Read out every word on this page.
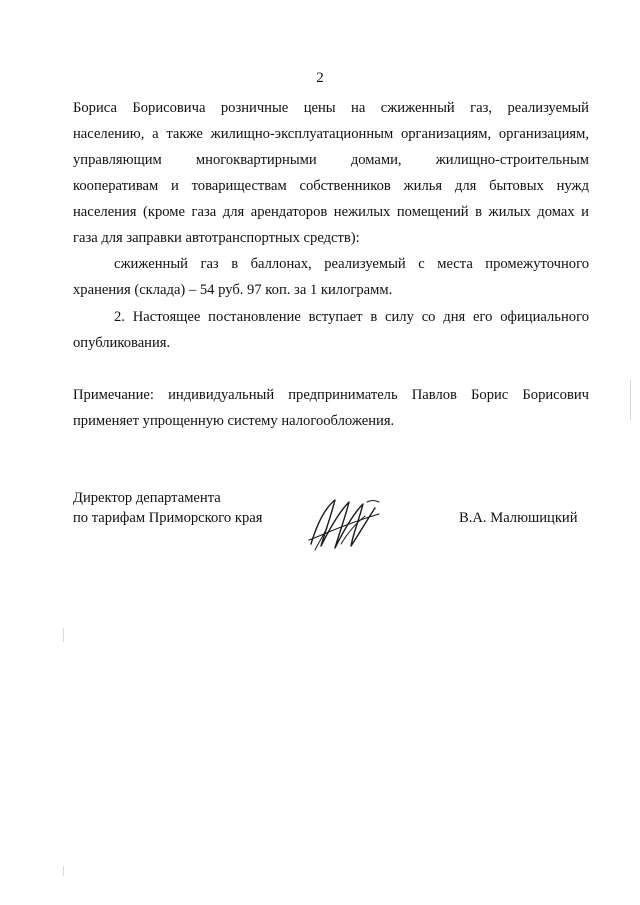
2
Бориса Борисовича розничные цены на сжиженный газ, реализуемый
населению, а также жилищно-эксплуатационным организациям, организациям,
управляющим многоквартирными домами, жилищно-строительным
кооперативам и товариществам собственников жилья для бытовых нужд
населения (кроме газа для арендаторов нежилых помещений в жилых домах и
газа для заправки автотранспортных средств):
сжиженный газ в баллонах, реализуемый с места промежуточного
хранения (склада) – 54 руб. 97 коп. за 1 килограмм.
2. Настоящее постановление вступает в силу со дня его официального
опубликования.
Примечание: индивидуальный предприниматель Павлов Борис Борисович
применяет упрощенную систему налогообложения.
Директор департамента
по тарифам Приморского края	В.А. Малюшицкий
